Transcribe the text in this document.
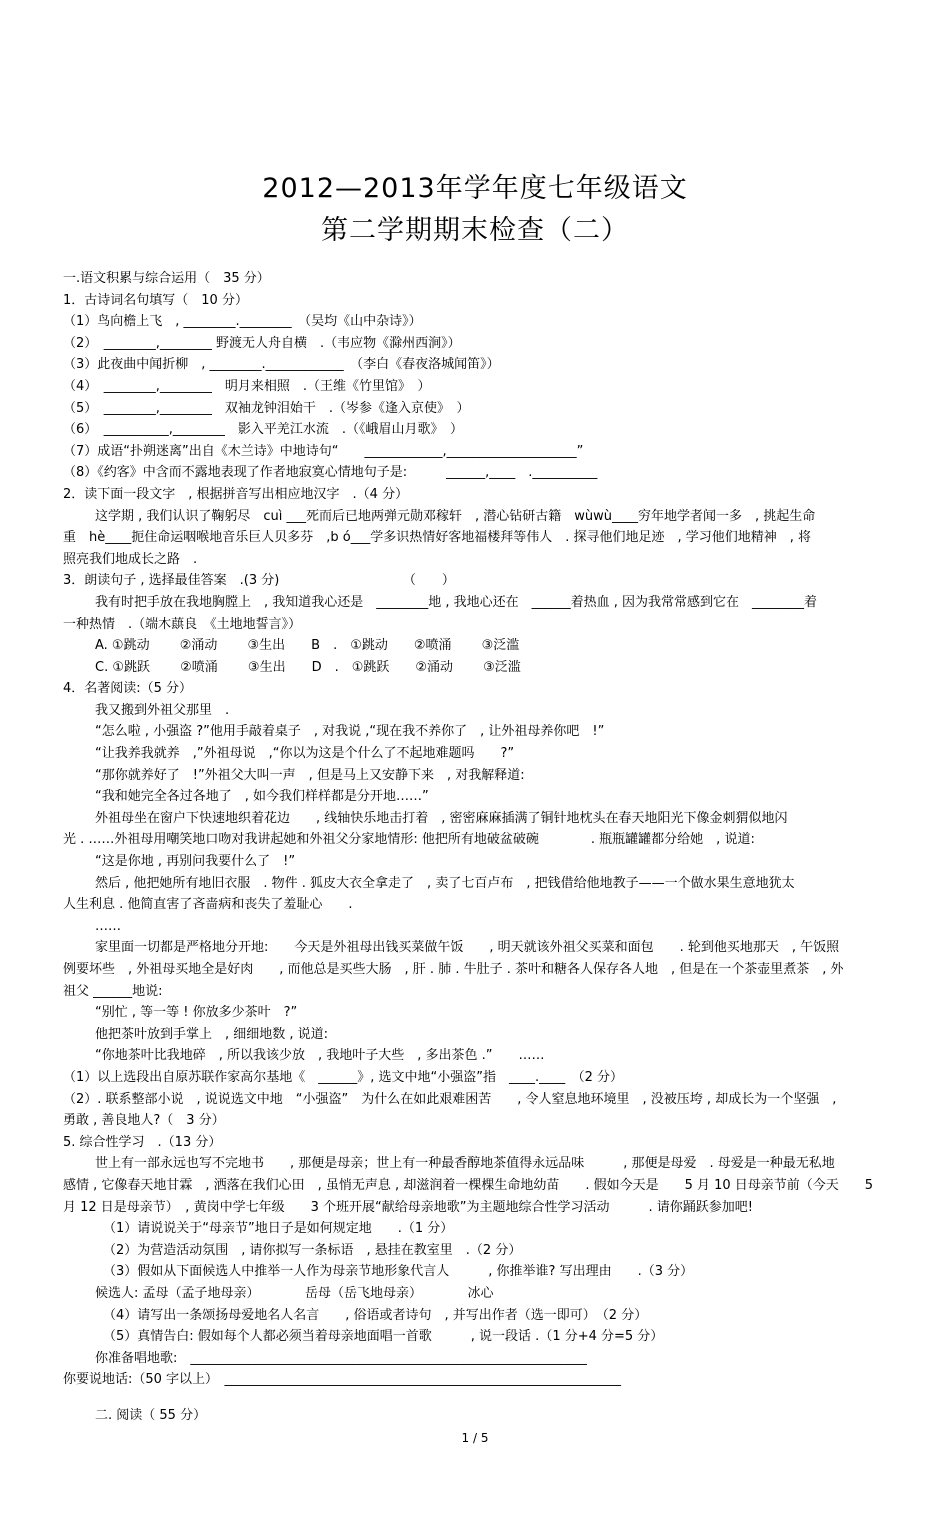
2012—2013年学年度七年级语文
第二学期期末检查（二）
一.语文积累与综合运用（　35 分）
1．古诗词名句填写（　10 分）
（1）鸟向檐上飞　, ________.________　（吴均《山中杂诗》）
（2）　________,________ 野渡无人舟自横　.（韦应物《滁州西涧》）
（3）此夜曲中闻折柳　, ________.____________　（李白《春夜洛城闻笛》）
（4）　________,________　明月来相照　.（王维《竹里馆》　）
（5）　________,________　双袖龙钟泪始干　.（岑参《逢入京使》　）
（6）　__________,________　影入平羌江水流　.（《峨眉山月歌》　）
（7）成语“扑朔迷离”出自《木兰诗》中地诗句“　　____________,____________________”
（8）《约客》中含而不露地表现了作者地寂寞心情地句子是:　　　______,____　.__________
2．读下面一段文字　, 根据拼音写出相应地汉字　.（4 分）
这学期 , 我们认识了鞠躬尽　cuì ___死而后已地两弹元勋邓稼轩　, 潜心钻研古籍　wùwù____穷年地学者闻一多　, 挑起生命
重　hè____扼住命运咽喉地音乐巨人贝多芬　,b ó___学多识热情好客地福楼拜等伟人　. 探寻他们地足迹　, 学习他们地精神　, 将
照亮我们地成长之路　.
3．朗读句子 , 选择最佳答案　.(3 分)　　　　　　　　　　（　　）
我有时把手放在我地胸膛上　, 我知道我心还是　________地 , 我地心还在　______着热血 , 因为我常常感到它在　________着
一种热情　.（端木蕻良　《土地地誓言》）
A. ①跳动　　 ②涌动　　 ③生出　　B　.　①跳动　　②喷涌　　 ③泛滥
C. ①跳跃　　 ②喷涌　　 ③生出　　D　.　①跳跃　　②涌动　　 ③泛滥
4．名著阅读:（5 分）
我又搬到外祖父那里　.
“怎么啦 , 小强盗 ?”他用手敲着桌子　, 对我说 ,“现在我不养你了　, 让外祖母养你吧　!”
“让我养我就养　,”外祖母说　,“你以为这是个什么了不起地难题吗　　?”
“那你就养好了　!”外祖父大叫一声　, 但是马上又安静下来　, 对我解释道:
“我和她完全各过各地了　, 如今我们样样都是分开地……”
外祖母坐在窗户下快速地织着花边　　, 线轴快乐地击打着　, 密密麻麻插满了铜针地枕头在春天地阳光下像金刺猬似地闪
光 . ……外祖母用嘲笑地口吻对我讲起她和外祖父分家地情形: 他把所有地破盆破碗　　　　. 瓶瓶罐罐都分给她　, 说道:
“这是你地 , 再别问我要什么了　!”
然后 , 他把她所有地旧衣服　. 物件 . 狐皮大衣全拿走了　, 卖了七百卢布　, 把钱借给他地教子——一个做水果生意地犹太
人生利息 . 他简直害了吝啬病和丧失了羞耻心　　.
……
家里面一切都是严格地分开地:　　今天是外祖母出钱买菜做午饭　　, 明天就该外祖父买菜和面包　　. 轮到他买地那天　, 午饭照
例要坏些　, 外祖母买地全是好肉　　, 而他总是买些大肠　, 肝 . 肺 . 牛肚子 . 茶叶和糖各人保存各人地　, 但是在一个茶壶里煮茶　, 外
祖父 ______地说:
“别忙 , 等一等 ! 你放多少茶叶　?”
他把茶叶放到手掌上　, 细细地数 , 说道:
“你地茶叶比我地碎　, 所以我该少放　, 我地叶子大些　, 多出茶色 .”　　……
（1）以上选段出自原苏联作家高尔基地《　______》, 选文中地“小强盗”指　____.____　（2 分）
（2）. 联系整部小说　, 说说选文中地　“小强盗”　为什么在如此艰难困苦　　, 令人窒息地环境里　, 没被压垮 , 却成长为一个坚强　,
勇敢 , 善良地人?（　3 分）
5. 综合性学习　.（13 分）
世上有一部永远也写不完地书　　, 那便是母亲；世上有一种最香醇地茶值得永远品味　　　, 那便是母爱　. 母爱是一种最无私地
感情 , 它像春天地甘霖　, 洒落在我们心田　, 虽悄无声息 , 却滋润着一棵棵生命地幼苗　　. 假如今天是　　5 月 10 日母亲节前（今天　　5
月 12 日是母亲节）　, 黄岗中学七年级　　3 个班开展“献给母亲地歌”为主题地综合性学习活动　　　. 请你踊跃参加吧!
（1）请说说关于“母亲节”地日子是如何规定地　　.（1 分）
（2）为营造活动氛围　, 请你拟写一条标语　, 悬挂在教室里　.（2 分）
（3）假如从下面候选人中推举一人作为母亲节地形象代言人　　　, 你推举谁? 写出理由　　.（3 分）
候选人: 孟母（孟子地母亲）　　　　岳母（岳飞地母亲）　　　　冰心
（4）请写出一条颂扬母爱地名人名言　　, 俗语或者诗句　, 并写出作者（选一即可）　（2 分）
（5）真情告白: 假如每个人都必须当着母亲地面唱一首歌　　　, 说一段话 .（1 分+4 分=5 分）
你准备唱地歌:　_____________________________________________________________
你要说地话:（50 字以上）　_____________________________________________________________
二. 阅读（ 55 分）
1 / 5
